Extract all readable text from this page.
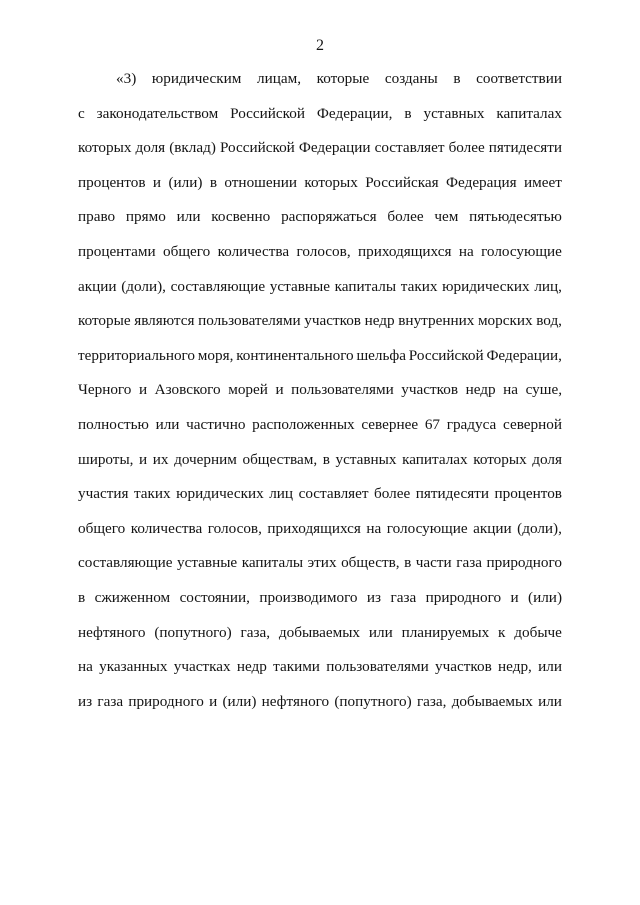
2
«3) юридическим лицам, которые созданы в соответствии
с законодательством Российской Федерации, в уставных капиталах
которых доля (вклад) Российской Федерации составляет более пятидесяти
процентов и (или) в отношении которых Российская Федерация имеет
право прямо или косвенно распоряжаться более чем пятьюдесятью
процентами общего количества голосов, приходящихся на голосующие
акции (доли), составляющие уставные капиталы таких юридических лиц,
которые являются пользователями участков недр внутренних морских вод,
территориального моря, континентального шельфа Российской Федерации,
Черного и Азовского морей и пользователями участков недр на суше,
полностью или частично расположенных севернее 67 градуса северной
широты, и их дочерним обществам, в уставных капиталах которых доля
участия таких юридических лиц составляет более пятидесяти процентов
общего количества голосов, приходящихся на голосующие акции (доли),
составляющие уставные капиталы этих обществ, в части газа природного
в сжиженном состоянии, производимого из газа природного и (или)
нефтяного (попутного) газа, добываемых или планируемых к добыче
на указанных участках недр такими пользователями участков недр, или
из газа природного и (или) нефтяного (попутного) газа, добываемых или
